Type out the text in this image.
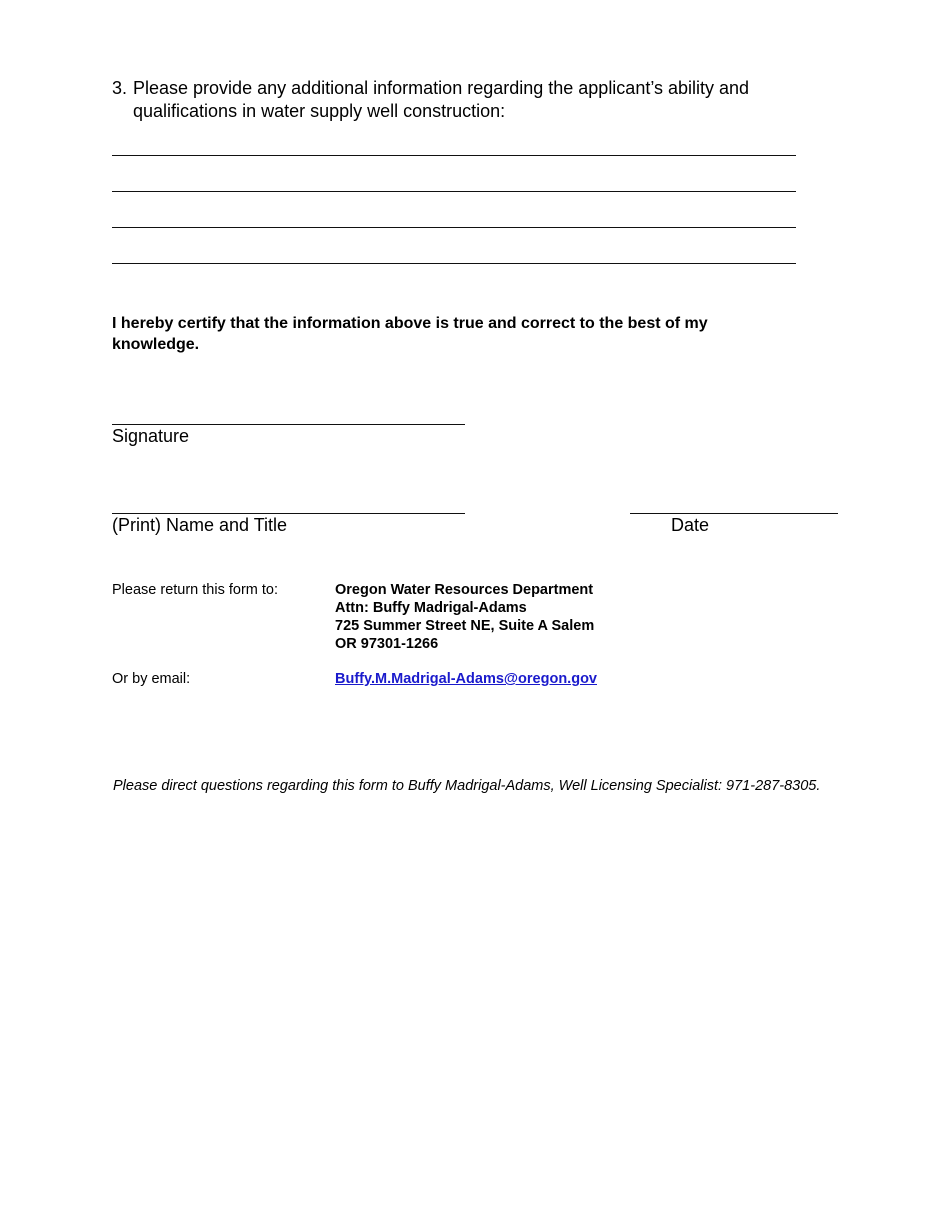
3. Please provide any additional information regarding the applicant’s ability and qualifications in water supply well construction:
I hereby certify that the information above is true and correct to the best of my knowledge.
Signature
(Print) Name and Title	Date
Please return this form to:	Oregon Water Resources Department
Attn: Buffy Madrigal-Adams
725 Summer Street NE, Suite A Salem
OR 97301-1266
Or by email:	Buffy.M.Madrigal-Adams@oregon.gov
Please direct questions regarding this form to Buffy Madrigal-Adams, Well Licensing Specialist: 971-287-8305.
